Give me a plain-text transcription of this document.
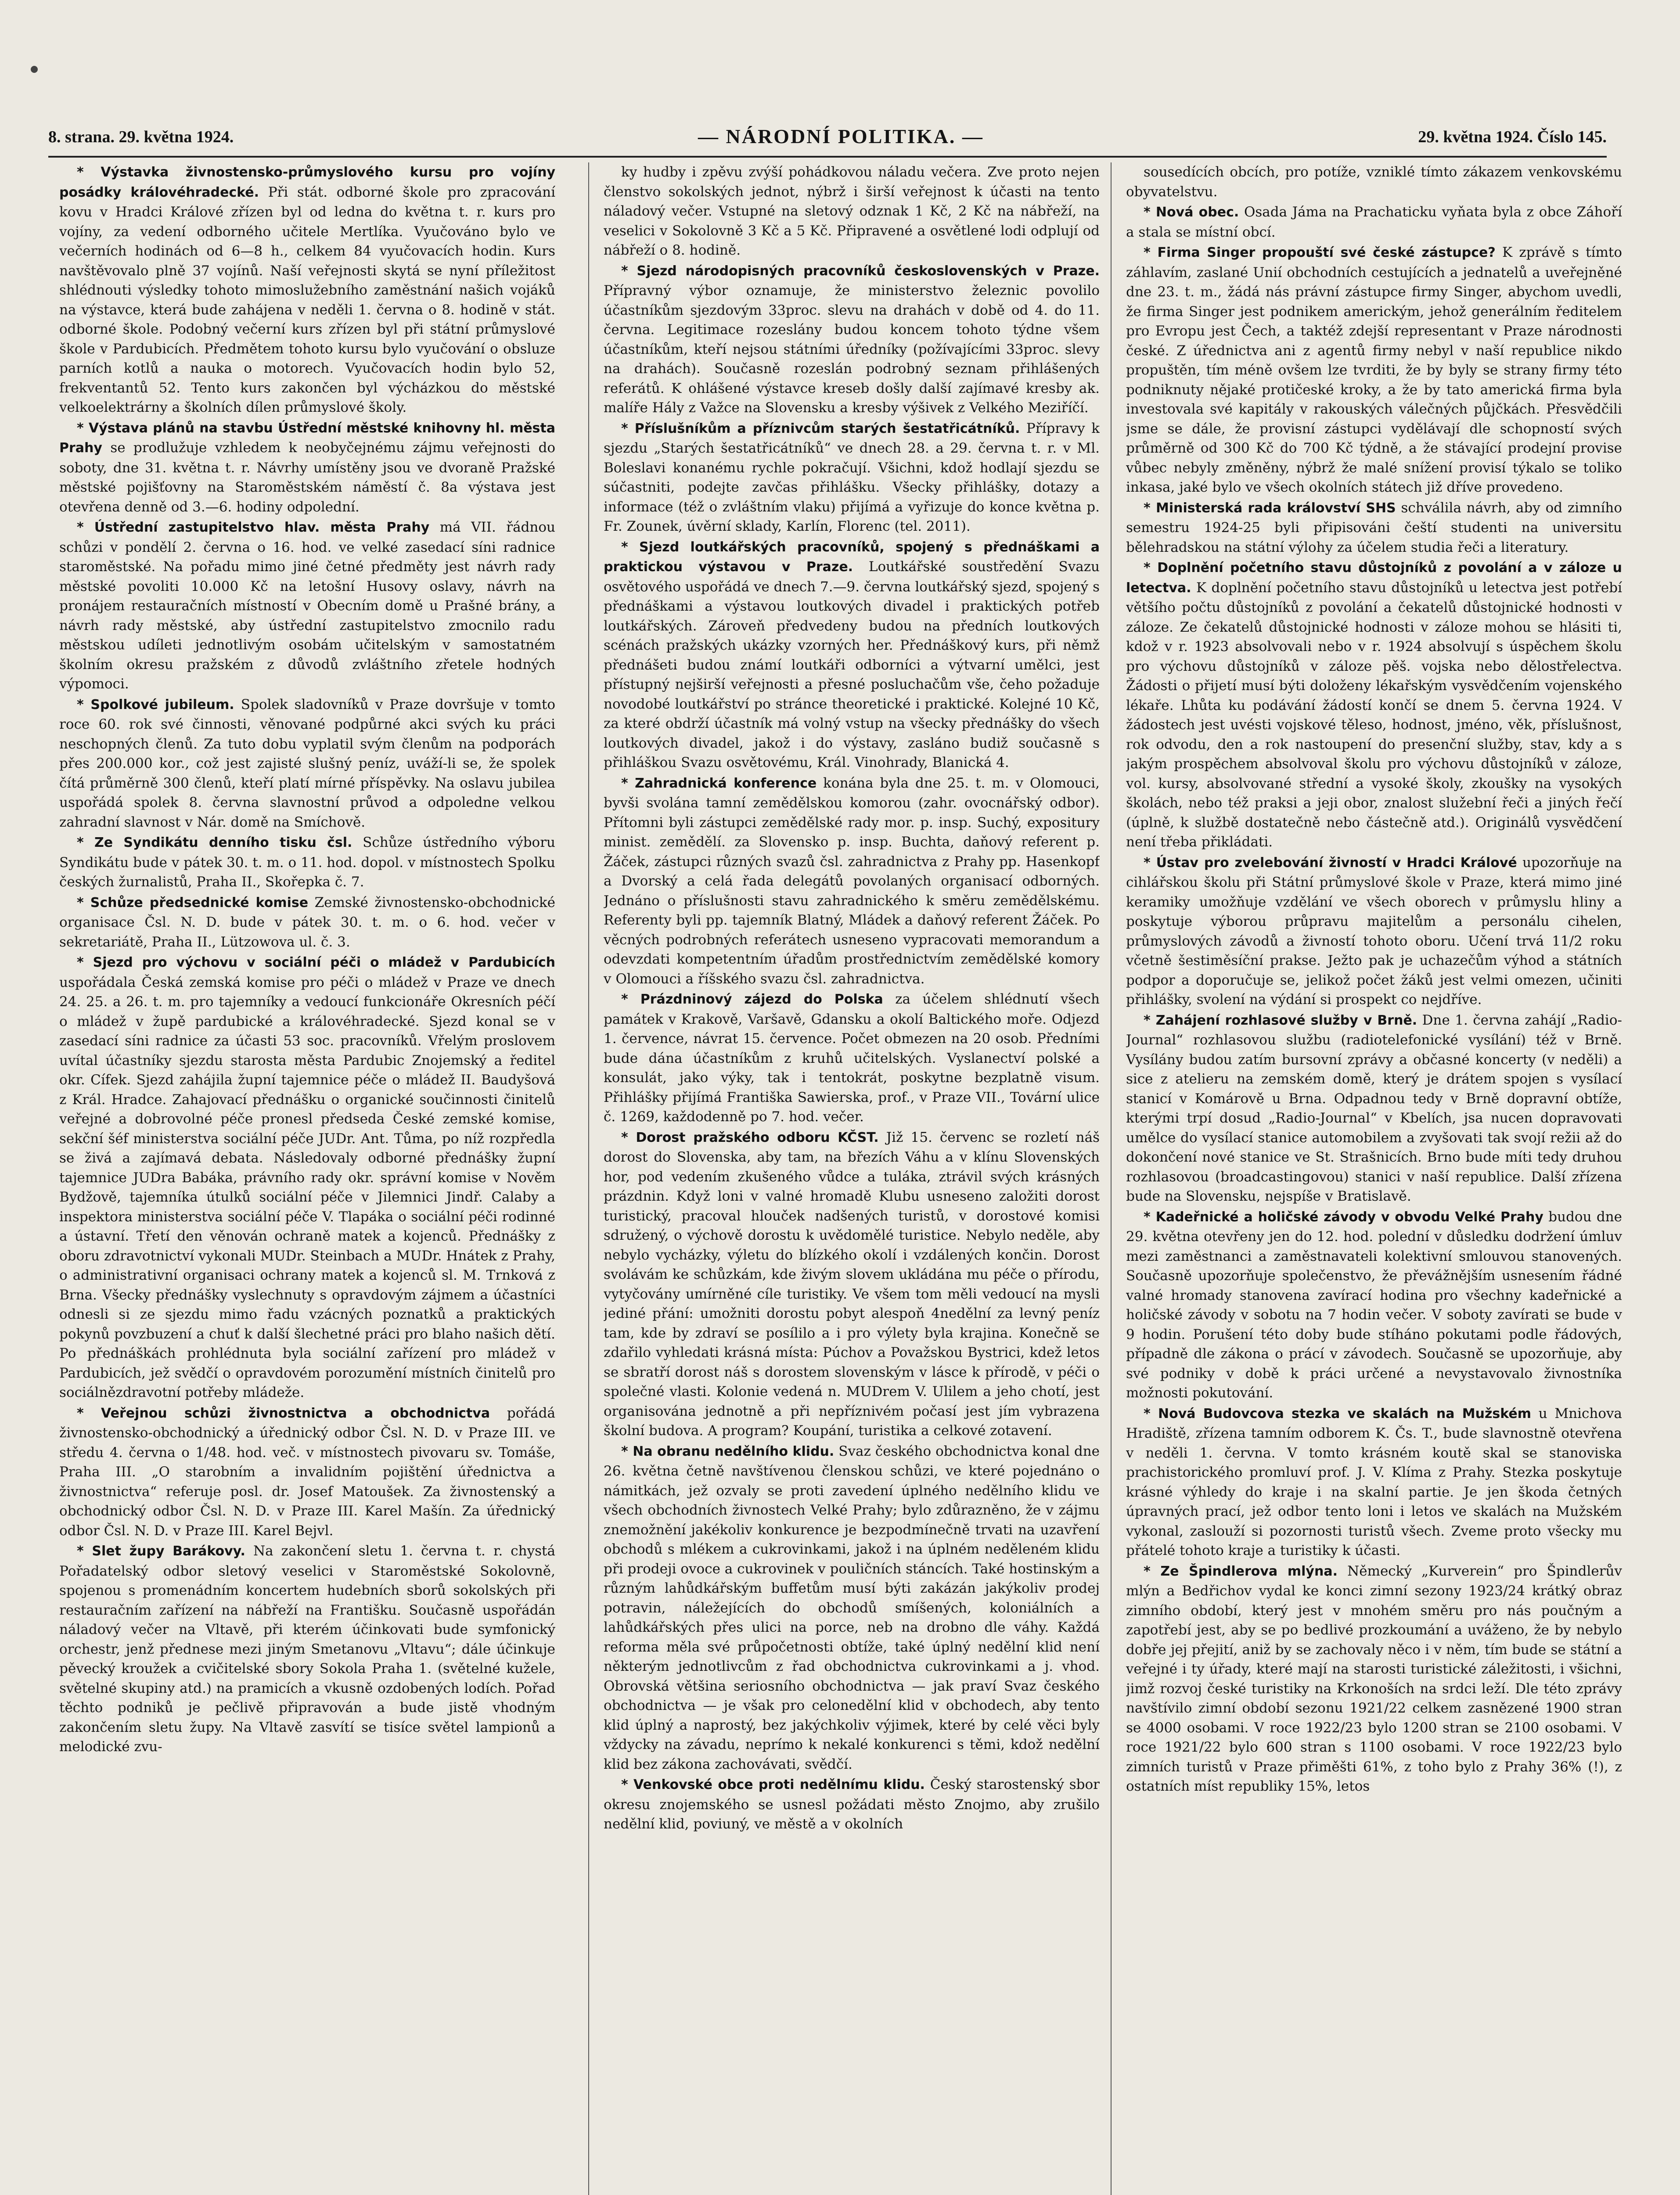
8. strana. 29. května 1924.	— NÁRODNÍ POLITIKA. —	29. května 1924. Číslo 145.

* Výstavka živnostensko-průmyslového kursu pro vojíny posádky královéhradecké. Při stát. odborné škole pro zpracování kovu v Hradci Králové zřízen byl od ledna do května t. r. kurs pro vojíny, za vedení odborného učitele Mertlíka. Vyučováno bylo ve večerních hodinách od 6—8 h., celkem 84 vyučovacích hodin. Kurs navštěvovalo plně 37 vojínů. Naší veřejnosti skytá se nyní příležitost shlédnouti výsledky tohoto mimoslužebního zaměstnání našich vojáků na výstavce, která bude zahájena v neděli 1. června o 8. hodině v stát. odborné škole. Podobný večerní kurs zřízen byl při státní průmyslové škole v Pardubicích. Předmětem tohoto kursu bylo vyučování o obsluze parních kotlů a nauka o motorech. Vyučovacích hodin bylo 52, frekventantů 52. Tento kurs zakončen byl výcházkou do městské velkoelektrárny a školních dílen průmyslové školy.

* Výstava plánů na stavbu Ústřední městské knihovny hl. města Prahy se prodlužuje vzhledem k neobyčejnému zájmu veřejnosti do soboty, dne 31. května t. r. Návrhy umístěny jsou ve dvoraně Pražské městské pojišťovny na Staroměstském náměstí č. 8a výstava jest otevřena denně od 3.—6. hodiny odpolední.

* Ústřední zastupitelstvo hlav. města Prahy má VII. řádnou schůzi v pondělí 2. června o 16. hod. ve velké zasedací síni radnice staroměstské. Na pořadu mimo jiné četné předměty jest návrh rady městské povoliti 10.000 Kč na letošní Husovy oslavy, návrh na pronájem restauračních místností v Obecním domě u Prašné brány, a návrh rady městské, aby ústřední zastupitelstvo zmocnilo radu městskou udíleti jednotlivým osobám učitelským v samostatném školním okresu pražském z důvodů zvláštního zřetele hodných výpomoci.

* Spolkové jubileum. Spolek sladovníků v Praze dovršuje v tomto roce 60. rok své činnosti, věnované podpůrné akci svých ku práci neschopných členů. Za tuto dobu vyplatil svým členům na podporách přes 200.000 kor., což jest zajisté slušný peníz, uváží-li se, že spolek čítá průměrně 300 členů, kteří platí mírné příspěvky. Na oslavu jubilea uspořádá spolek 8. června slavnostní průvod a odpoledne velkou zahradní slavnost v Nár. domě na Smíchově.

* Ze Syndikátu denního tisku čsl. Schůze ústředního výboru Syndikátu bude v pátek 30. t. m. o 11. hod. dopol. v místnostech Spolku českých žurnalistů, Praha II., Skořepka č. 7.

* Schůze předsednické komise Zemské živnostensko-obchodnické organisace Čsl. N. D. bude v pátek 30. t. m. o 6. hod. večer v sekretariátě, Praha II., Lützowova ul. č. 3.

* Sjezd pro výchovu v sociální péči o mládež v Pardubicích uspořádala Česká zemská komise pro péči o mládež v Praze ve dnech 24. 25. a 26. t. m. pro tajemníky a vedoucí funkcionáře Okresních péčí o mládež v župě pardubické a královéhradecké. Sjezd konal se v zasedací síni radnice za účasti 53 soc. pracovníků. Vřelým proslovem uvítal účastníky sjezdu starosta města Pardubic Znojemský a ředitel okr. Cífek. Sjezd zahájila župní tajemnice péče o mládež II. Baudyšová z Král. Hradce. Zahajovací přednášku o organické součinnosti činitelů veřejné a dobrovolné péče pronesl předseda České zemské komise, sekční šéf ministerstva sociální péče JUDr. Ant. Tůma, po níž rozpředla se živá a zajímavá debata. Následovaly odborné přednášky župní tajemnice JUDra Babáka, právního rady okr. správní komise v Nověm Bydžově, tajemníka útulků sociální péče v Jilemnici Jindř. Calaby a inspektora ministerstva sociální péče V. Tlapáka o sociální péči rodinné a ústavní. Třetí den věnován ochraně matek a kojenců. Přednášky z oboru zdravotnictví vykonali MUDr. Steinbach a MUDr. Hnátek z Prahy, o administrativní organisaci ochrany matek a kojenců sl. M. Trnková z Brna. Všecky přednášky vyslechnuty s opravdovým zájmem a účastníci odnesli si ze sjezdu mimo řadu vzácných poznatků a praktických pokynů povzbuzení a chuť k další šlechetné práci pro blaho našich dětí. Po přednáškách prohlédnuta byla sociální zařízení pro mládež v Pardubicích, jež svědčí o opravdovém porozumění místních činitelů pro sociálnězdravotní potřeby mládeže.

* Veřejnou schůzi živnostnictva a obchodnictva pořádá živnostensko-obchodnický a úřednický odbor Čsl. N. D. v Praze III. ve středu 4. června o 1/48. hod. več. v místnostech pivovaru sv. Tomáše, Praha III. „O starobním a invalidním pojištění úřednictva a živnostnictva“ referuje posl. dr. Josef Matoušek. Za živnostenský a obchodnický odbor Čsl. N. D. v Praze III. Karel Mašín. Za úřednický odbor Čsl. N. D. v Praze III. Karel Bejvl.

* Slet župy Barákovy. Na zakončení sletu 1. června t. r. chystá Pořadatelský odbor sletový veselici v Staroměstské Sokolovně, spojenou s promenádním koncertem hudebních sborů sokolských při restauračním zařízení na nábřeží na Františku. Současně uspořádán náladový večer na Vltavě, při kterém účinkovati bude symfonický orchestr, jenž přednese mezi jiným Smetanovu „Vltavu“; dále účinkuje pěvecký kroužek a cvičitelské sbory Sokola Praha 1. (světelné kužele, světelné skupiny atd.) na pramicích a vkusně ozdobených lodích. Pořad těchto podniků je pečlivě připravován a bude jistě vhodným zakončením sletu župy. Na Vltavě zasvítí se tisíce světel lampionů a melodické zvu-

ky hudby i zpěvu zvýší pohádkovou náladu večera. Zve proto nejen členstvo sokolských jednot, nýbrž i širší veřejnost k účasti na tento náladový večer. Vstupné na sletový odznak 1 Kč, 2 Kč na nábřeží, na veselici v Sokolovně 3 Kč a 5 Kč. Připravené a osvětlené lodi odplují od nábřeží o 8. hodině.

* Sjezd národopisných pracovníků československých v Praze. Přípravný výbor oznamuje, že ministerstvo železnic povolilo účastníkům sjezdovým 33proc. slevu na drahách v době od 4. do 11. června. Legitimace rozeslány budou koncem tohoto týdne všem účastníkům, kteří nejsou státními úředníky (požívajícími 33proc. slevy na drahách). Současně rozeslán podrobný seznam přihlášených referátů. K ohlášené výstavce kreseb došly další zajímavé kresby ak. malíře Hály z Važce na Slovensku a kresby výšivek z Velkého Meziříčí.

* Příslušníkům a příznivcům starých šestatřicátníků. Přípravy k sjezdu „Starých šestatřicátníků“ ve dnech 28. a 29. června t. r. v Ml. Boleslavi konanému rychle pokračují. Všichni, kdož hodlají sjezdu se súčastniti, podejte zavčas přihlášku. Všecky přihlášky, dotazy a informace (též o zvláštním vlaku) přijímá a vyřizuje do konce května p. Fr. Zounek, úvěrní sklady, Karlín, Florenc (tel. 2011).

* Sjezd loutkářských pracovníků, spojený s přednáškami a praktickou výstavou v Praze. Loutkářské soustředění Svazu osvětového uspořádá ve dnech 7.—9. června loutkářský sjezd, spojený s přednáškami a výstavou loutkových divadel i praktických potřeb loutkářských. Zároveň předvedeny budou na předních loutkových scénách pražských ukázky vzorných her. Přednáškový kurs, při němž přednášeti budou známí loutkáři odborníci a výtvarní umělci, jest přístupný nejširší veřejnosti a přesné posluchačům vše, čeho požaduje novodobé loutkářství po stránce theoretické i praktické. Kolejné 10 Kč, za které obdrží účastník má volný vstup na všecky přednášky do všech loutkových divadel, jakož i do výstavy, zaslánо budiž současně s přihláškou Svazu osvětovému, Král. Vinohrady, Blanická 4.

* Zahradnická konference konána byla dne 25. t. m. v Olomouci, byvši svolána tamní zemědělskou komorou (zahr. ovocnářský odbor). Přítomni byli zástupci zemědělské rady mor. p. insp. Suchý, expositury minist. zemědělí. za Slovensko p. insp. Buchta, daňový referent p. Žáček, zástupci různých svazů čsl. zahradnictva z Prahy pp. Hasenkopf a Dvorský a celá řada delegátů povolaných organisací odborných. Jednáno o příslušnosti stavu zahradnického k směru zemědělskému. Referenty byli pp. tajemník Blatný, Mládek a daňový referent Žáček. Po věcných podrobných referátech usneseno vypracovati memorandum a odevzdati kompetentním úřadům prostřednictvím zemědělské komory v Olomouci a říšského svazu čsl. zahradnictva.

* Prázdninový zájezd do Polska za účelem shlédnutí všech památek v Krakově, Varšavě, Gdansku a okolí Baltického moře. Odjezd 1. července, návrat 15. července. Počet obmezen na 20 osob. Předními bude dána účastníkům z kruhů učitelských. Vyslanectví polské a konsulát, jako výky, tak i tentokrát, poskytne bezplatně visum. Přihlášky přijímá Františka Sawierska, prof., v Praze VII., Tovární ulice č. 1269, každodenně po 7. hod. večer.

* Dorost pražského odboru KČST. Již 15. červenc se rozletí náš dorost do Slovenska, aby tam, na březích Váhu a v klínu Slovenských hor, pod vedením zkušeného vůdce a tuláka, ztrávil svých krásných prázdnin. Když loni v valné hromadě Klubu usneseno založiti dorost turistický, pracoval hlouček nadšených turistů, v dorostové komisi sdružený, o výchově dorostu k uvědomělé turistice. Nebylo neděle, aby nebylo vycházky, výletu do blízkého okolí i vzdálených končin. Dorost svolávám ke schůzkám, kde živým slovem ukládána mu péče o přírodu, vytyčovány umírněné cíle turistiky. Ve všem tom měli vedoucí na mysli jediné přání: umožniti dorostu pobyt alespoň 4nedělní za levný peníz tam, kde by zdraví se posílilo a i pro výlety byla krajina. Konečně se zdařilo vyhledati krásná místa: Púchov a Považskou Bystrici, kdež letos se sbratří dorost náš s dorostem slovenským v lásce k přírodě, v péči o společné vlasti. Kolonie vedená n. MUDrem V. Ulilem a jeho chotí, jest organisována jednotně a při nepříznivém počasí jest jím vybrazena školní budova. A program? Koupání, turistika a celkové zotavení.

* Na obranu nedělního klidu. Svaz českého obchodnictva konal dne 26. května četně navštívenou členskou schůzi, ve které pojednáno o námitkách, jež ozvaly se proti zavedení úplného nedělního klidu ve všech obchodních živnostech Velké Prahy; bylo zdůrazněno, že v zájmu znemožnění jakékoliv konkurence je bezpodmínečně trvati na uzavření obchodů s mlékem a cukrovinkami, jakož i na úplném neděleném klidu při prodeji ovoce a cukrovinek v pouličních stáncích. Také hostinským a různým lahůdkářským buffetům musí býti zakázán jakýkoliv prodej potravin, náležejících do obchodů smíšených, koloniálních a lahůdkářských přes ulici na porce, neb na drobno dle váhy. Každá reforma měla své průpočetnosti obtíže, také úplný nedělní klid není některým jednotlivcům z řad obchodnictva cukrovinkami a j. vhod. Obrovská většina seriosního obchodnictva — jak praví Svaz českého obchodnictva — je však pro celonedělní klid v obchodech, aby tento klid úplný a naprostý, bez jakýchkoliv výjimek, které by celé věci byly vždycky na závadu, neprímo k nekalé konkurenci s těmi, kdož nedělní klid bez zákona zachovávati, svědčí.

* Venkovské obce proti nedělnímu klidu. Český starostenský sbor okresu znojemského se usnesl požádati město Znojmo, aby zrušilo nedělní klid, poviuný, ve městě a v okolních

sousedících obcích, pro potíže, vzniklé tímto zákazem venkovskému obyvatelstvu.

* Nová obec. Osada Jáma na Prachaticku vyňata byla z obce Záhoří a stala se místní obcí.

* Firma Singer propouští své české zástupce? K zprávě s tímto záhlavím, zaslané Unií obchodních cestujících a jednatelů a uveřejněné dne 23. t. m., žádá nás právní zástupce firmy Singer, abychom uvedli, že firma Singer jest podnikem americkým, jehož generálním ředitelem pro Evropu jest Čech, a taktéž zdejší representant v Praze národnosti české. Z úřednictva ani z agentů firmy nebyl v naší republice nikdo propuštěn, tím méně ovšem lze tvrditi, že by byly se strany firmy této podniknuty nějaké protičeské kroky, a že by tato americká firma byla investovala své kapitály v rakouských válečných půjčkách. Přesvědčili jsme se dále, že provisní zástupci vydělávají dle schopností svých průměrně od 300 Kč do 700 Kč týdně, a že stávající prodejní provise vůbec nebyly změněny, nýbrž že malé snížení provisí týkalo se toliko inkasa, jaké bylo ve všech okolních státech již dříve provedeno.

* Ministerská rada království SHS schválila návrh, aby od zimního semestru 1924-25 byli připisováni čeští studenti na universitu bělehradskou na státní výlohy za účelem studia řeči a literatury.

* Doplnění početního stavu důstojníků z povolání a v záloze u letectva. K doplnění početního stavu důstojníků u letectva jest potřebí většího počtu důstojníků z povolání a čekatelů důstojnické hodnosti v záloze. Ze čekatelů důstojnické hodnosti v záloze mohou se hlásiti ti, kdož v r. 1923 absolvovali nebo v r. 1924 absolvují s úspěchem školu pro výchovu důstojníků v záloze pěš. vojska nebo dělostřelectva. Žádosti o přijetí musí býti doloženy lékařským vysvědčením vojenského lékaře. Lhůta ku podávání žádostí končí se dnem 5. června 1924. V žádostech jest uvésti vojskové těleso, hodnost, jméno, věk, příslušnost, rok odvodu, den a rok nastoupení do presenční služby, stav, kdy a s jakým prospěchem absolvoval školu pro výchovu důstojníků v záloze, vol. kursy, absolvované střední a vysoké školy, zkoušky na vysokých školách, nebo též praksi a jeji obor, znalost služební řeči a jiných řečí (úplně, k službě dostatečně nebo částečně atd.). Originálů vysvědčení není třeba přikládati.

* Ústav pro zvelebování živností v Hradci Králové upozorňuje na cihlářskou školu při Státní průmyslové škole v Praze, která mimo jiné keramiky umožňuje vzdělání ve všech oborech v průmyslu hliny a poskytuje výborou průpravu majitelům a personálu cihelen, průmyslových závodů a živností tohoto oboru. Učení trvá 11/2 roku včetně šestiměsíční prakse. Ježto pak je uchazečům výhod a státních podpor a doporučuje se, jelikož počet žáků jest velmi omezen, učiniti přihlášky, svolení na výdání si prospekt co nejdříve.

* Zahájení rozhlasové služby v Brně. Dne 1. června zahájí „Radio-Journal“ rozhlasovou službu (radiotelefonické vysílání) též v Brně. Vysílány budou zatím bursovní zprávy a občasné koncerty (v neděli) a sice z atelieru na zemském domě, který je drátem spojen s vysílací stanicí v Komárově u Brna. Odpadnou tedy v Brně dopravní obtíže, kterými trpí dosud „Radio-Journal“ v Kbelích, jsa nucen dopravovati umělce do vysílací stanice automobilem a zvyšovati tak svojí režii až do dokončení nové stanice ve St. Strašnicích. Brno bude míti tedy druhou rozhlasovou (broadcastingovou) stanici v naší republice. Další zřízena bude na Slovensku, nejspíše v Bratislavě.

* Kadeřnické a holičské závody v obvodu Velké Prahy budou dne 29. května otevřeny jen do 12. hod. polední v důsledku dodržení úmluv mezi zaměstnanci a zaměstnavateli kolektivní smlouvou stanovených. Současně upozorňuje společenstvo, že převážnějším usnesením řádné valné hromady stanovena zavírací hodina pro všechny kadeřnické a holičské závody v sobotu na 7 hodin večer. V soboty zavírati se bude v 9 hodin. Porušení této doby bude stíháno pokutami podle řádových, případně dle zákona o prácí v závodech. Současně se upozorňuje, aby své podniky v době k práci určené a nevystavovalo živnostníka možnosti pokutování.

* Nová Budovcova stezka ve skalách na Mužském u Mnichova Hradiště, zřízena tamním odborem K. Čs. T., bude slavnostně otevřena v neděli 1. června. V tomto krásném koutě skal se stanoviska prachistorického promluví prof. J. V. Klíma z Prahy. Stezka poskytuje krásné výhledy do kraje i na skalní partie. Je jen škoda četných úpravných prací, jež odbor tento loni i letos ve skalách na Mužském vykonal, zaslouží si pozornosti turistů všech. Zveme proto všecky mu přátelé tohoto kraje a turistiky k účasti.

* Ze Špindlerova mlýna. Německý „Kurverein“ pro Špindlerův mlýn a Bedřichov vydal ke konci zimní sezony 1923/24 krátký obraz zimního období, který jest v mnohém směru pro nás poučným a zapotřebí jest, aby se po bedlivé prozkoumání a uváženo, že by nebylo dobře jej přejití, aniž by se zachovaly něco i v něm, tím bude se státní a veřejné i ty úřady, které mají na starosti turistické záležitosti, i všichni, jimž rozvoj české turistiky na Krkonoších na srdci leží. Dle této zprávy navštívilo zimní období sezonu 1921/22 celkem zasnězené 1900 stran se 4000 osobami. V roce 1922/23 bylo 1200 stran se 2100 osobami. V roce 1921/22 bylo 600 stran s 1100 osobami. V roce 1922/23 bylo zimních turistů v Praze přiměšti 61%, z toho bylo z Prahy 36% (!), z ostatních míst republiky 15%, letos
